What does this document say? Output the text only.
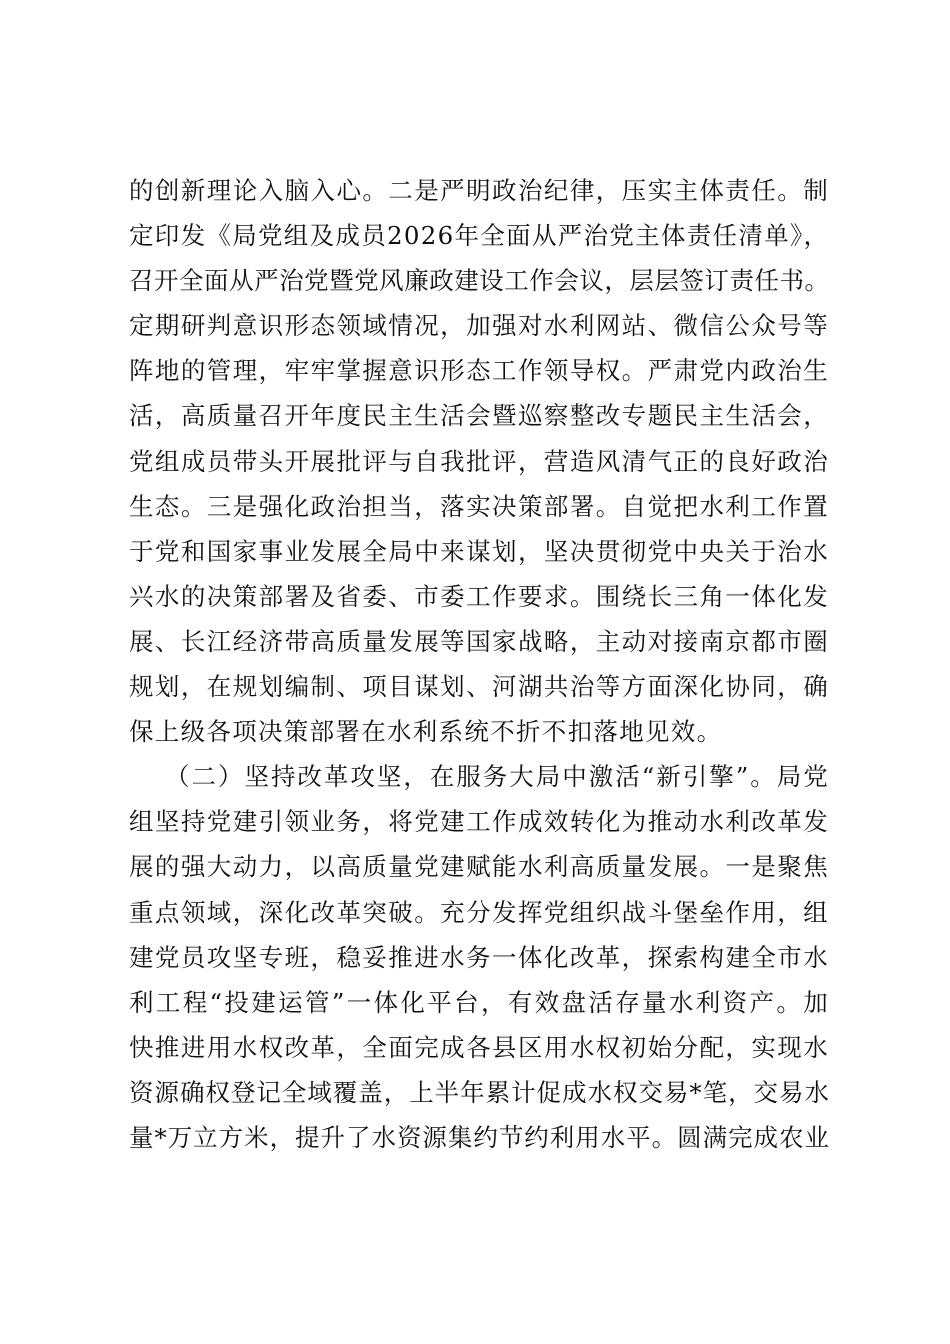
的创新理论入脑入心。二是严明政治纪律，压实主体责任。制
定印发《局党组及成员2026年全面从严治党主体责任清单》，
召开全面从严治党暨党风廉政建设工作会议，层层签订责任书。
定期研判意识形态领域情况，加强对水利网站、微信公众号等
阵地的管理，牢牢掌握意识形态工作领导权。严肃党内政治生
活，高质量召开年度民主生活会暨巡察整改专题民主生活会，
党组成员带头开展批评与自我批评，营造风清气正的良好政治
生态。三是强化政治担当，落实决策部署。自觉把水利工作置
于党和国家事业发展全局中来谋划，坚决贯彻党中央关于治水
兴水的决策部署及省委、市委工作要求。围绕长三角一体化发
展、长江经济带高质量发展等国家战略，主动对接南京都市圈
规划，在规划编制、项目谋划、河湖共治等方面深化协同，确
保上级各项决策部署在水利系统不折不扣落地见效。
（二）坚持改革攻坚，在服务大局中激活“新引擎”。局党
组坚持党建引领业务，将党建工作成效转化为推动水利改革发
展的强大动力，以高质量党建赋能水利高质量发展。一是聚焦
重点领域，深化改革突破。充分发挥党组织战斗堡垒作用，组
建党员攻坚专班，稳妥推进水务一体化改革，探索构建全市水
利工程“投建运管”一体化平台，有效盘活存量水利资产。加
快推进用水权改革，全面完成各县区用水权初始分配，实现水
资源确权登记全域覆盖，上半年累计促成水权交易*笔，交易水
量*万立方米，提升了水资源集约节约利用水平。圆满完成农业
